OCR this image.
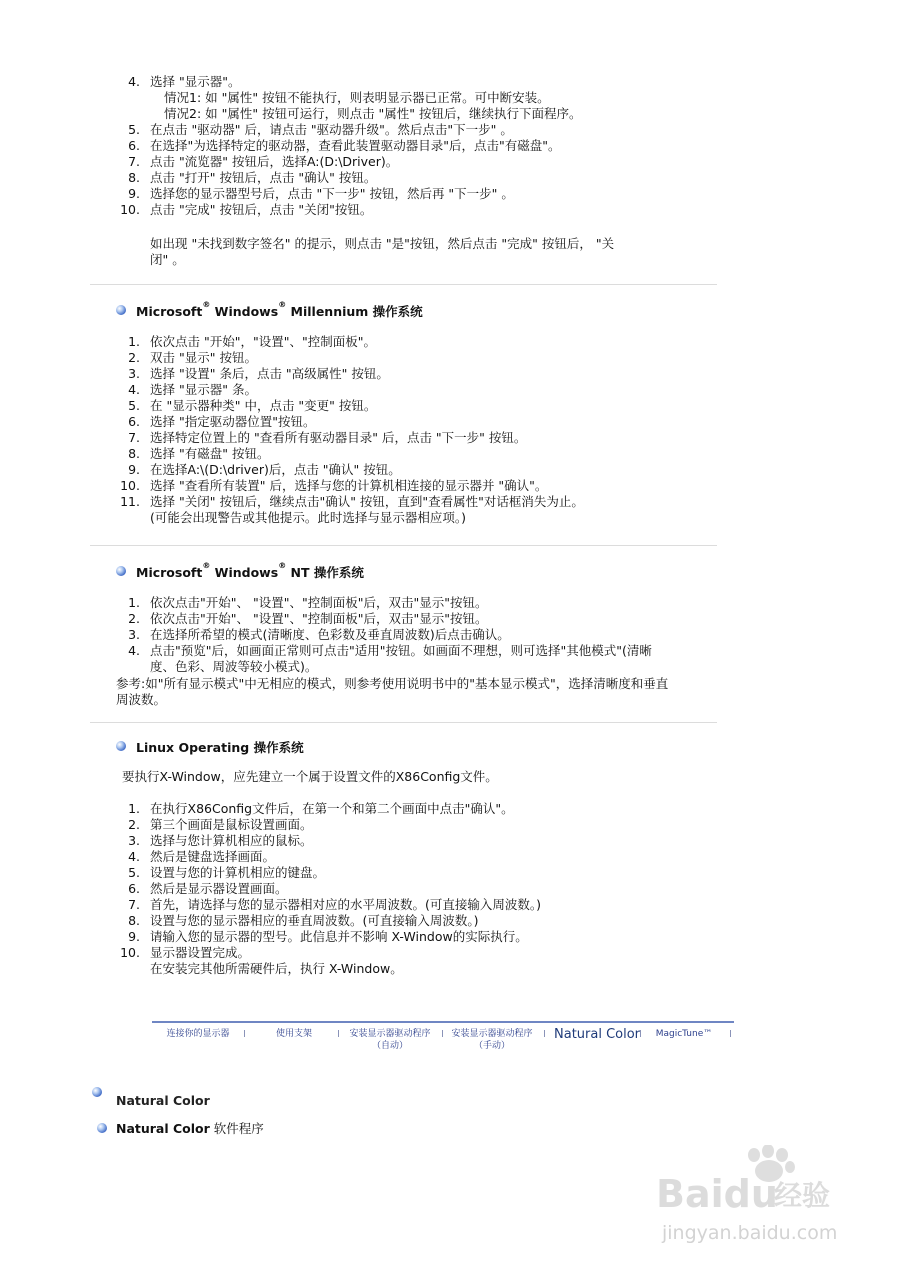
4. 选择 "显示器"。
情况1: 如 "属性" 按钮不能执行，则表明显示器已正常。可中断安装。
情况2: 如 "属性" 按钮可运行，则点击 "属性" 按钮后，继续执行下面程序。
5. 在点击 "驱动器" 后，请点击 "驱动器升级"。然后点击"下一步" 。
6. 在选择"为选择特定的驱动器，查看此装置驱动器目录"后，点击"有磁盘"。
7. 点击 "流览器" 按钮后，选择A:(D:\Driver)。
8. 点击 "打开" 按钮后，点击 "确认" 按钮。
9. 选择您的显示器型号后，点击 "下一步" 按钮，然后再 "下一步" 。
10. 点击 "完成" 按钮后，点击 "关闭"按钮。
如出现 "未找到数字签名" 的提示，则点击 "是"按钮，然后点击 "完成" 按钮后， "关
闭" 。
Microsoft® Windows® Millennium 操作系统
1. 依次点击 "开始"，"设置"、"控制面板"。
2. 双击 "显示" 按钮。
3. 选择 "设置" 条后，点击 "高级属性" 按钮。
4. 选择 "显示器" 条。
5. 在 "显示器种类" 中，点击 "变更" 按钮。
6. 选择 "指定驱动器位置"按钮。
7. 选择特定位置上的 "查看所有驱动器目录" 后，点击 "下一步" 按钮。
8. 选择 "有磁盘" 按钮。
9. 在选择A:\(D:\driver)后，点击 "确认" 按钮。
10. 选择 "查看所有装置" 后，选择与您的计算机相连接的显示器并 "确认"。
11. 选择 "关闭" 按钮后，继续点击"确认" 按钮，直到"查看属性"对话框消失为止。
(可能会出现警告或其他提示。此时选择与显示器相应项。)
Microsoft® Windows® NT 操作系统
1. 依次点击"开始"、 "设置"、"控制面板"后，双击"显示"按钮。
2. 依次点击"开始"、 "设置"、"控制面板"后，双击"显示"按钮。
3. 在选择所希望的模式(清晰度、色彩数及垂直周波数)后点击确认。
4. 点击"预览"后，如画面正常则可点击"适用"按钮。如画面不理想，则可选择"其他模式"(清晰
度、色彩、周波等较小模式)。
参考:如"所有显示模式"中无相应的模式，则参考使用说明书中的"基本显示模式"，选择清晰度和垂直
周波数。
Linux Operating 操作系统
要执行X-Window，应先建立一个属于设置文件的X86Config文件。
1. 在执行X86Config文件后，在第一个和第二个画面中点击"确认"。
2. 第三个画面是鼠标设置画面。
3. 选择与您计算机相应的鼠标。
4. 然后是键盘选择画面。
5. 设置与您的计算机相应的键盘。
6. 然后是显示器设置画面。
7. 首先，请选择与您的显示器相对应的水平周波数。(可直接输入周波数。)
8. 设置与您的显示器相应的垂直周波数。(可直接输入周波数。)
9. 请输入您的显示器的型号。此信息并不影响 X-Window的实际执行。
10. 显示器设置完成。
在安装完其他所需硬件后，执行 X-Window。
连接你的显示器	使用支架	安装显示器驱动程序
（自动）
安装显示器驱动程序
（手动）
Natural Color	MagicTune™
Natural Color
Natural Color 软件程序
Baidu
经验
jingyan.baidu.com
